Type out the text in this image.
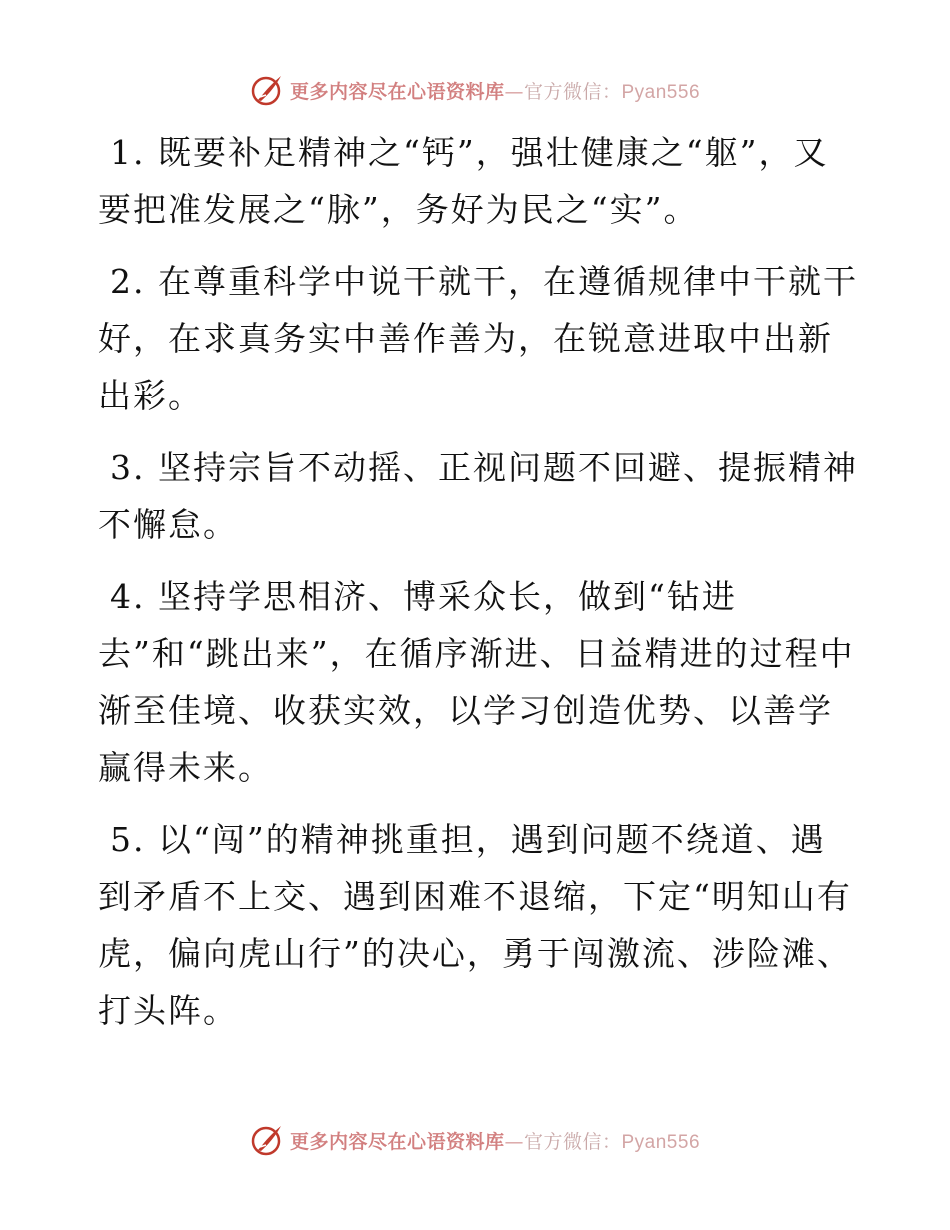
更多内容尽在心语资料库—官方微信：Pyan556

1. 既要补足精神之“钙”，强壮健康之“躯”，又要把准发展之“脉”，务好为民之“实”。

2. 在尊重科学中说干就干，在遵循规律中干就干好，在求真务实中善作善为，在锐意进取中出新出彩。

3. 坚持宗旨不动摇、正视问题不回避、提振精神不懈怠。

4. 坚持学思相济、博采众长，做到“钻进去”和“跳出来”，在循序渐进、日益精进的过程中渐至佳境、收获实效，以学习创造优势、以善学赢得未来。

5. 以“闯”的精神挑重担，遇到问题不绕道、遇到矛盾不上交、遇到困难不退缩，下定“明知山有虎，偏向虎山行”的决心，勇于闯激流、涉险滩、打头阵。

更多内容尽在心语资料库—官方微信：Pyan556
